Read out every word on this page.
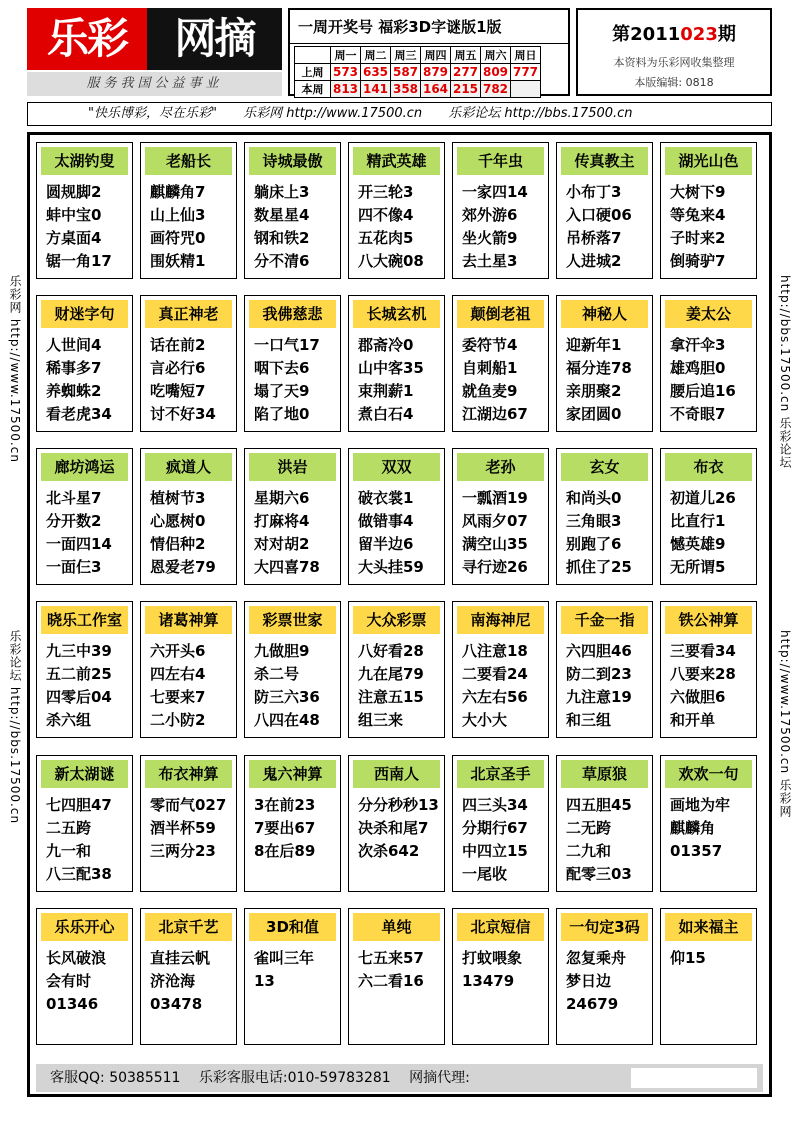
乐彩	网摘
服务我国公益事业
一周开奖号 福彩3D字谜版1版
	周一	周二	周三	周四	周五	周六	周日
上周	573	635	587	879	277	809	777
本周	813	141	358	164	215	782	
第2011023期
本资料为乐彩网收集整理
本版编辑: 0818
"快乐博彩，尽在乐彩" 乐彩网 http://www.17500.cn 乐彩论坛 http://bbs.17500.cn
乐彩网 http://www.17500.cn
乐彩论坛 http://bbs.17500.cn
http://bbs.17500.cn 乐彩论坛
http://www.17500.cn 乐彩网
太湖钓叟
圆规脚2
蚌中宝0
方桌面4
锯一角17
老船长
麒麟角7
山上仙3
画符咒0
围妖精1
诗城最傲
躺床上3
数星星4
钢和铁2
分不清6
精武英雄
开三轮3
四不像4
五花肉5
八大碗08
千年虫
一家四14
郊外游6
坐火箭9
去土星3
传真教主
小布丁3
入口硬06
吊桥落7
人进城2
湖光山色
大树下9
等兔来4
子时来2
倒骑驴7
财迷字句
人世间4
稀事多7
养蜘蛛2
看老虎34
真正神老
话在前2
言必行6
吃嘴短7
讨不好34
我佛慈悲
一口气17
咽下去6
塌了天9
陷了地0
长城玄机
郡斋冷0
山中客35
束荆薪1
煮白石4
颠倒老祖
委符节4
自刺船1
就鱼麦9
江湖边67
神秘人
迎新年1
福分连78
亲朋聚2
家团圆0
姜太公
拿汗伞3
雄鸡胆0
腰后追16
不奇眼7
廊坊鸿运
北斗星7
分开数2
一面四14
一面仨3
疯道人
植树节3
心愿树0
情侣种2
恩爱老79
洪岩
星期六6
打麻将4
对对胡2
大四喜78
双双
破衣裳1
做错事4
留半边6
大头挂59
老孙
一瓢酒19
风雨夕07
满空山35
寻行迹26
玄女
和尚头0
三角眼3
别跑了6
抓住了25
布衣
初道儿26
比直行1
憾英雄9
无所谓5
晓乐工作室
九三中39
五二前25
四零后04
杀六组
诸葛神算
六开头6
四左右4
七要来7
二小防2
彩票世家
九做胆9
杀二号
防三六36
八四在48
大众彩票
八好看28
九在尾79
注意五15
组三来
南海神尼
八注意18
二要看24
六左右56
大小大
千金一指
六四胆46
防二到23
九注意19
和三组
铁公神算
三要看34
八要来28
六做胆6
和开单
新太湖谜
七四胆47
二五跨
九一和
八三配38
布衣神算
零而气027
酒半杯59
三两分23
鬼六神算
3在前23
7要出67
8在后89
西南人
分分秒秒13
决杀和尾7
次杀642
北京圣手
四三头34
分期行67
中四立15
一尾收
草原狼
四五胆45
二无跨
二九和
配零三03
欢欢一句
画地为牢
麒麟角
01357
乐乐开心
长风破浪
会有时
01346
北京千艺
直挂云帆
济沧海
03478
3D和值
雀叫三年
13
单纯
七五来57
六二看16
北京短信
打蚊喂象
13479
一句定3码
忽复乘舟
梦日边
24679
如来福主
仰15
客服QQ: 50385511 乐彩客服电话:010-59783281 网摘代理:
